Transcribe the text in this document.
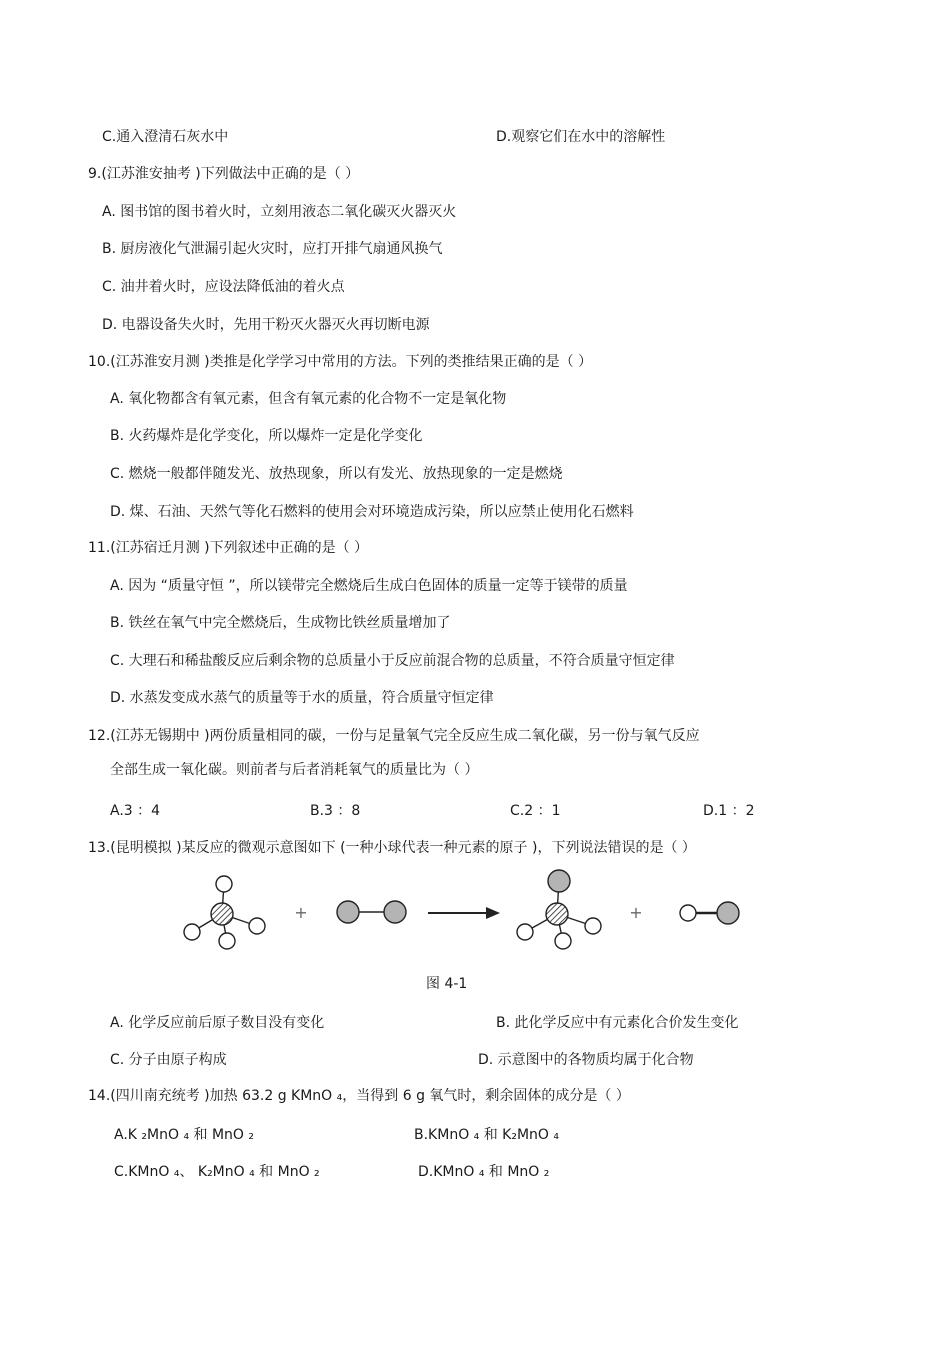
C.通入澄清石灰水中	D.观察它们在水中的溶解性
9.(江苏淮安抽考 )下列做法中正确的是（ ）
A. 图书馆的图书着火时，立刻用液态二氧化碳灭火器灭火
B. 厨房液化气泄漏引起火灾时，应打开排气扇通风换气
C. 油井着火时，应设法降低油的着火点
D. 电器设备失火时，先用干粉灭火器灭火再切断电源
10.(江苏淮安月测 )类推是化学学习中常用的方法。下列的类推结果正确的是（ ）
A. 氧化物都含有氧元素，但含有氧元素的化合物不一定是氧化物
B. 火药爆炸是化学变化，所以爆炸一定是化学变化
C. 燃烧一般都伴随发光、放热现象，所以有发光、放热现象的一定是燃烧
D. 煤、石油、天然气等化石燃料的使用会对环境造成污染，所以应禁止使用化石燃料
11.(江苏宿迁月测 )下列叙述中正确的是（ ）
A. 因为 “质量守恒 ”，所以镁带完全燃烧后生成白色固体的质量一定等于镁带的质量
B. 铁丝在氧气中完全燃烧后，生成物比铁丝质量增加了
C. 大理石和稀盐酸反应后剩余物的总质量小于反应前混合物的总质量，不符合质量守恒定律
D. 水蒸发变成水蒸气的质量等于水的质量，符合质量守恒定律
12.(江苏无锡期中 )两份质量相同的碳，一份与足量氧气完全反应生成二氧化碳，另一份与氧气反应
全部生成一氧化碳。则前者与后者消耗氧气的质量比为（ ）
A.3 ：4	B.3 ：8	C.2 ：1	D.1 ：2
13.(昆明模拟 )某反应的微观示意图如下 (一种小球代表一种元素的原子 )，下列说法错误的是（ ）
+	+
图 4-1
A. 化学反应前后原子数目没有变化	B. 此化学反应中有元素化合价发生变化
C. 分子由原子构成	D. 示意图中的各物质均属于化合物
14.(四川南充统考 )加热 63.2 g KMnO ₄，当得到 6 g 氧气时，剩余固体的成分是（ ）
A.K ₂MnO ₄ 和 MnO ₂	B.KMnO ₄ 和 K₂MnO ₄
C.KMnO ₄、 K₂MnO ₄ 和 MnO ₂	D.KMnO ₄ 和 MnO ₂
